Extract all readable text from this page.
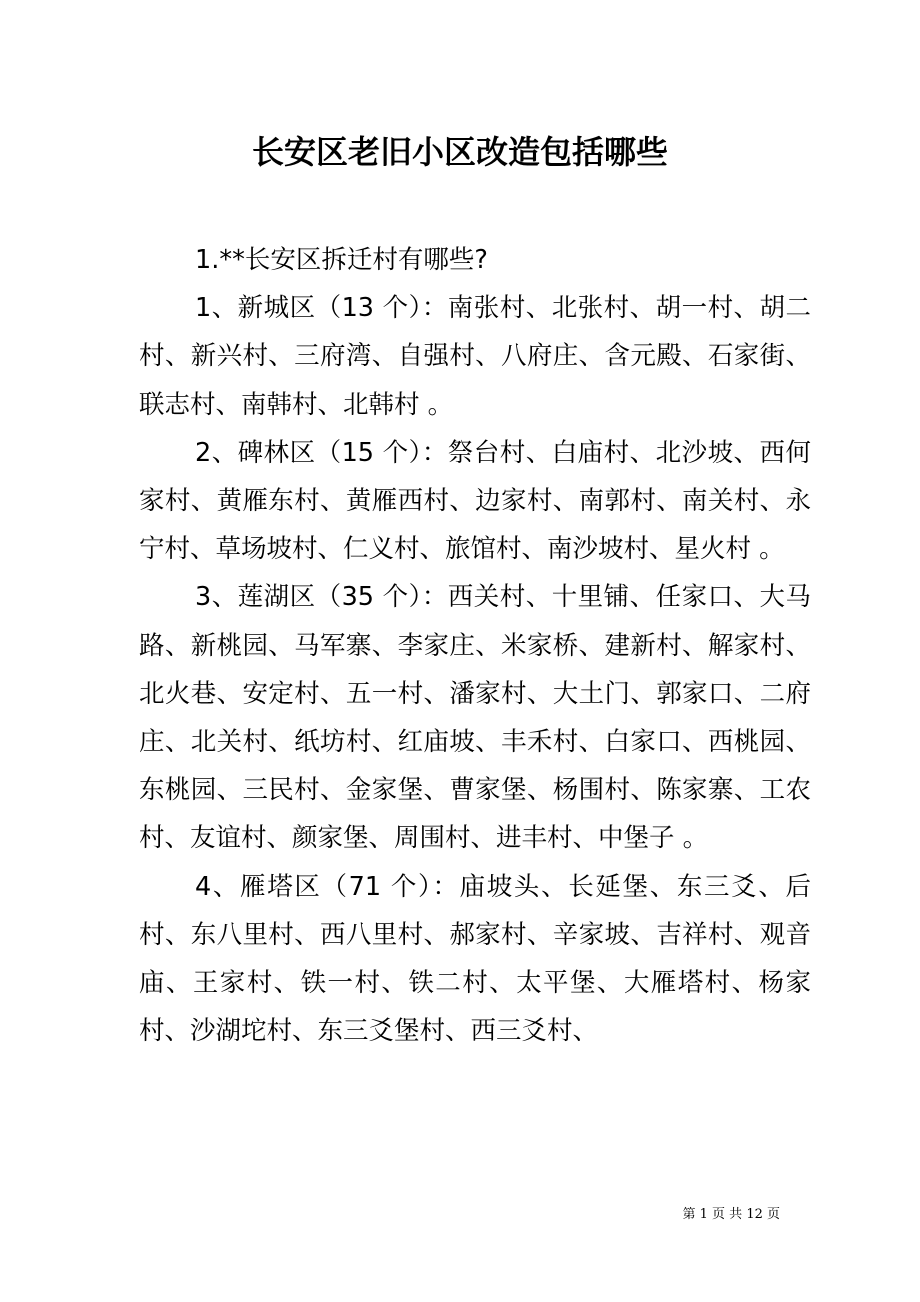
长安区老旧小区改造包括哪些

1.**长安区拆迁村有哪些?

1、新城区（13 个）：南张村、北张村、胡一村、胡二村、新兴村、三府湾、自强村、八府庄、含元殿、石家街、联志村、南韩村、北韩村 。

2、碑林区（15 个）：祭台村、白庙村、北沙坡、西何家村、黄雁东村、黄雁西村、边家村、南郭村、南关村、永宁村、草场坡村、仁义村、旅馆村、南沙坡村、星火村 。

3、莲湖区（35 个）：西关村、十里铺、任家口、大马路、新桃园、马军寨、李家庄、米家桥、建新村、解家村、北火巷、安定村、五一村、潘家村、大土门、郭家口、二府庄、北关村、纸坊村、红庙坡、丰禾村、白家口、西桃园、东桃园、三民村、金家堡、曹家堡、杨围村、陈家寨、工农村、友谊村、颜家堡、周围村、进丰村、中堡子 。

4、雁塔区（71 个）：庙坡头、长延堡、东三爻、后村、东八里村、西八里村、郝家村、辛家坡、吉祥村、观音庙、王家村、铁一村、铁二村、太平堡、大雁塔村、杨家村、沙湖坨村、东三爻堡村、西三爻村、

第 1 页 共 12 页
